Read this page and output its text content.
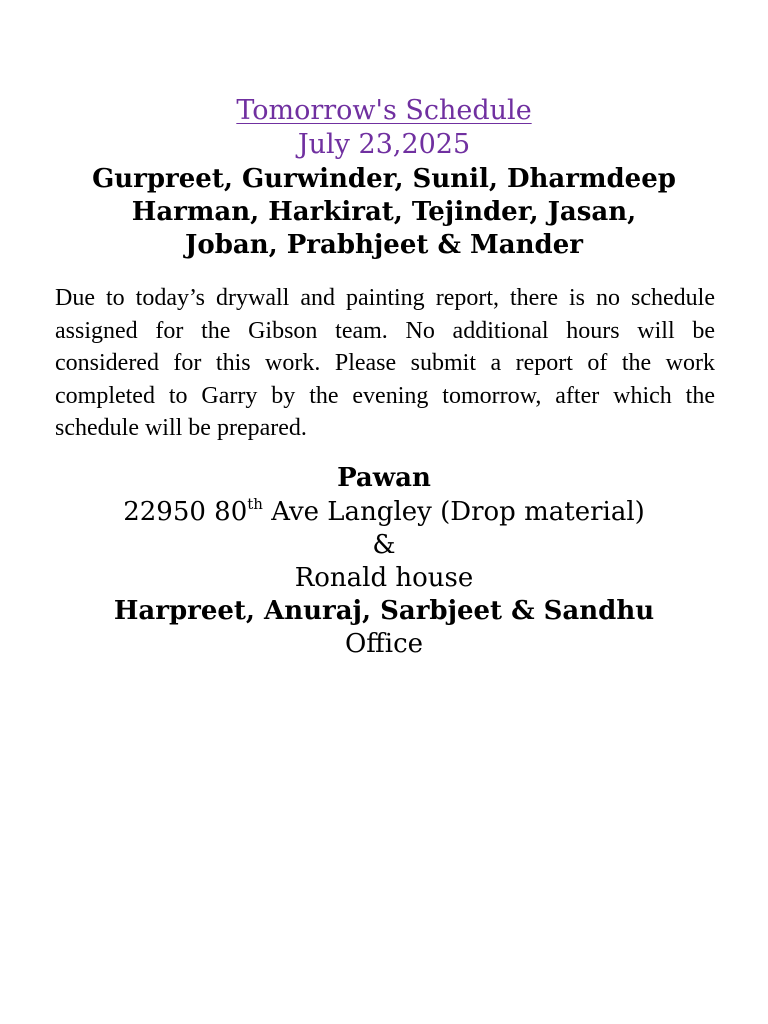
Tomorrow's Schedule
July 23,2025
Gurpreet, Gurwinder, Sunil, Dharmdeep
Harman, Harkirat, Tejinder, Jasan,
Joban, Prabhjeet & Mander
Due to today’s drywall and painting report, there is no schedule assigned for the Gibson team. No additional hours will be considered for this work. Please submit a report of the work completed to Garry by the evening tomorrow, after which the schedule will be prepared.
Pawan
22950 80th Ave Langley (Drop material)
&
Ronald house
Harpreet, Anuraj, Sarbjeet & Sandhu
Office
